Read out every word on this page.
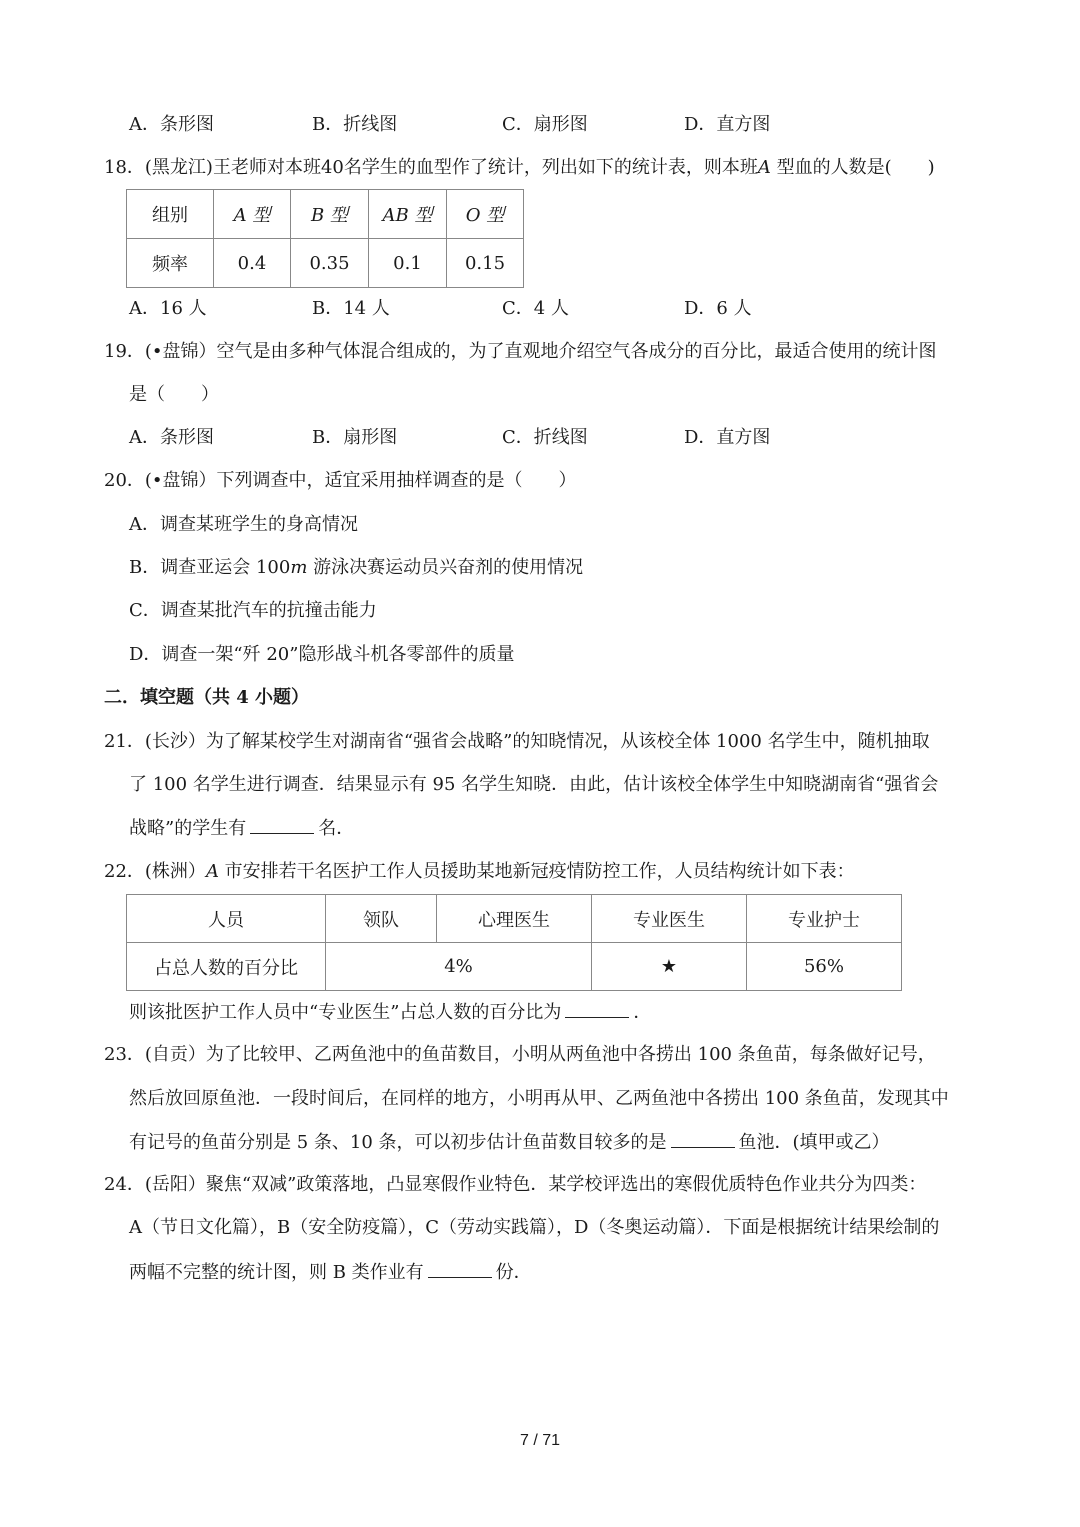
A．条形图	B．折线图	C．扇形图	D．直方图
18．(黑龙江)王老师对本班40名学生的血型作了统计，列出如下的统计表，则本班A 型血的人数是(　　)
组别	A 型	B 型	AB 型	O 型
频率	0.4	0.35	0.1	0.15
A．16 人	B．14 人	C．4 人	D．6 人
19．(•盘锦）空气是由多种气体混合组成的，为了直观地介绍空气各成分的百分比，最适合使用的统计图
是（　　）
A．条形图	B．扇形图	C．折线图	D．直方图
20．(•盘锦）下列调查中，适宜采用抽样调查的是（　　）
A．调查某班学生的身高情况
B．调查亚运会 100m 游泳决赛运动员兴奋剂的使用情况
C．调查某批汽车的抗撞击能力
D．调查一架“歼 20”隐形战斗机各零部件的质量
二．填空题（共 4 小题）
21．(长沙）为了解某校学生对湖南省“强省会战略”的知晓情况，从该校全体 1000 名学生中，随机抽取
了 100 名学生进行调查．结果显示有 95 名学生知晓．由此，估计该校全体学生中知晓湖南省“强省会
战略”的学生有	名．
22．(株洲）A 市安排若干名医护工作人员援助某地新冠疫情防控工作，人员结构统计如下表：
人员	领队	心理医生	专业医生	专业护士
占总人数的百分比	4%		★	56%
则该批医护工作人员中“专业医生”占总人数的百分比为	．
23．(自贡）为了比较甲、乙两鱼池中的鱼苗数目，小明从两鱼池中各捞出 100 条鱼苗，每条做好记号，
然后放回原鱼池．一段时间后，在同样的地方，小明再从甲、乙两鱼池中各捞出 100 条鱼苗，发现其中
有记号的鱼苗分别是 5 条、10 条，可以初步估计鱼苗数目较多的是	鱼池．(填甲或乙）
24．(岳阳）聚焦“双减”政策落地，凸显寒假作业特色．某学校评选出的寒假优质特色作业共分为四类：
A（节日文化篇），B（安全防疫篇），C（劳动实践篇），D（冬奥运动篇）．下面是根据统计结果绘制的
两幅不完整的统计图，则 B 类作业有	份．
7 / 71
